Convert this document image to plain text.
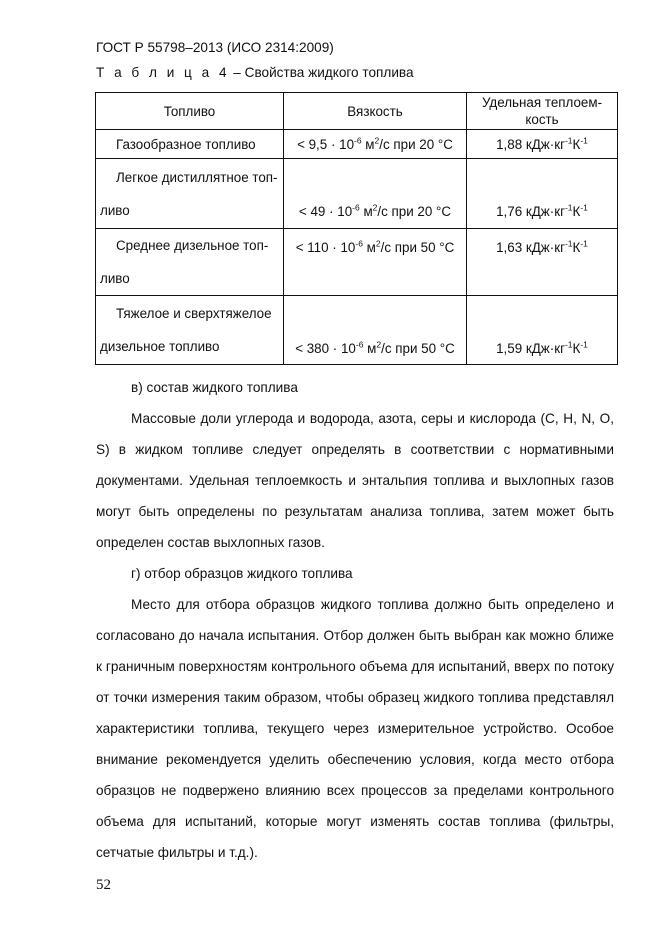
ГОСТ Р 55798–2013 (ИСО 2314:2009)
Т а б л и ц а 4 – Свойства жидкого топлива
Топливо	Вязкость	Удельная теплоем-
кость

Газообразное топливо	< $9,5 \cdot 10^{-6}$ $м^2/с$ при 20 °C	1,88 $кДж\cdot кг^{-1}К^{-1}$

Легкое дистиллятное топ-
ливо	< $49 \cdot 10^{-6}$ $м^2/с$ при 20 °C	1,76 $кДж\cdot кг^{-1}К^{-1}$

Среднее дизельное топ-
ливо	< $110 \cdot 10^{-6}$ $м^2/с$ при 50 °C	1,63 $кДж\cdot кг^{-1}К^{-1}$

Тяжелое и сверхтяжелое
дизельное топливо	< $380 \cdot 10^{-6}$ $м^2/с$ при 50 °C	1,59 $кДж\cdot кг^{-1}К^{-1}$

в) состав жидкого топлива

Массовые доли углерода и водорода, азота, серы и кислорода (C, H, N, O, S) в жидком топливе следует определять в соответствии с нормативными документами. Удельная теплоемкость и энтальпия топлива и выхлопных газов могут быть определены по результатам анализа топлива, затем может быть определен состав выхлопных газов.

г) отбор образцов жидкого топлива

Место для отбора образцов жидкого топлива должно быть определено и согласовано до начала испытания. Отбор должен быть выбран как можно ближе к граничным поверхностям контрольного объема для испытаний, вверх по потоку от точки измерения таким образом, чтобы образец жидкого топлива представлял характеристики топлива, текущего через измерительное устройство. Особое внимание рекомендуется уделить обеспечению условия, когда место отбора образцов не подвержено влиянию всех процессов за пределами контрольного объема для испытаний, которые могут изменять состав топлива (фильтры, сетчатые фильтры и т.д.).

52
